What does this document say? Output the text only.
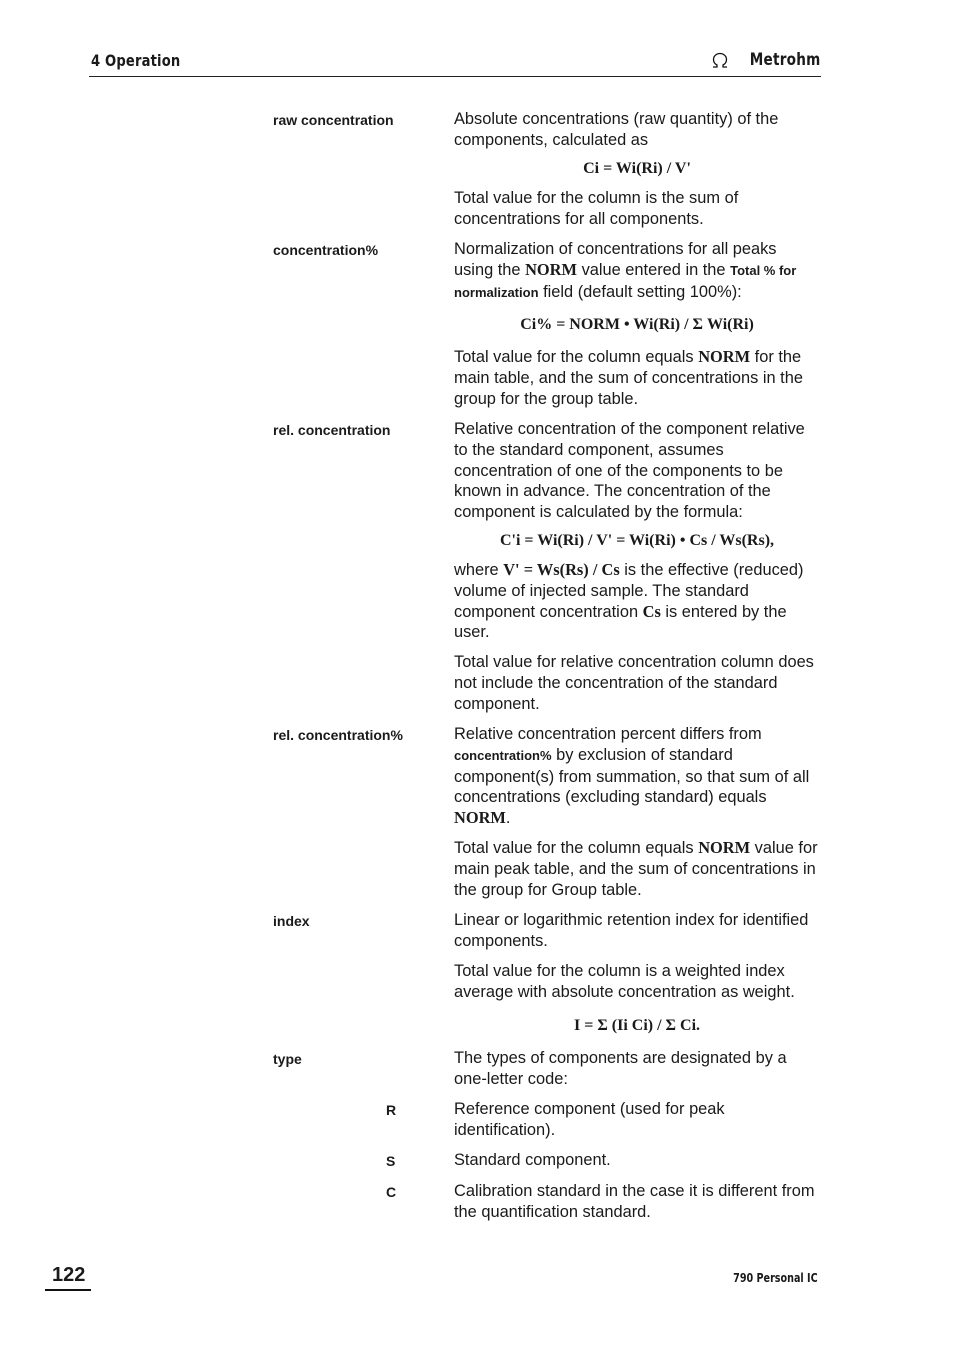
4 Operation	Metrohm
raw concentration	Absolute concentrations (raw quantity) of the components, calculated as
Ci = Wi(Ri) / V'
Total value for the column is the sum of concentrations for all components.
concentration%	Normalization of concentrations for all peaks using the NORM value entered in the Total % for normalization field (default setting 100%):
Ci% = NORM • Wi(Ri) / Σ Wi(Ri)
Total value for the column equals NORM for the main table, and the sum of concentrations in the group for the group table.
rel. concentration	Relative concentration of the component relative to the standard component, assumes concentration of one of the components to be known in advance. The concentration of the component is calculated by the formula:
C'i = Wi(Ri) / V' = Wi(Ri) • Cs / Ws(Rs),
where V' = Ws(Rs) / Cs is the effective (reduced) volume of injected sample. The standard component concentration Cs is entered by the user.
Total value for relative concentration column does not include the concentration of the standard component.
rel. concentration%	Relative concentration percent differs from concentration% by exclusion of standard component(s) from summation, so that sum of all concentrations (excluding standard) equals NORM.
Total value for the column equals NORM value for main peak table, and the sum of concentrations in the group for Group table.
index	Linear or logarithmic retention index for identified components.
Total value for the column is a weighted index average with absolute concentration as weight.
I = Σ (Ii Ci) / Σ Ci.
type	The types of components are designated by a one-letter code:
R	Reference component (used for peak identification).
S	Standard component.
C	Calibration standard in the case it is different from the quantification standard.
122	790 Personal IC
